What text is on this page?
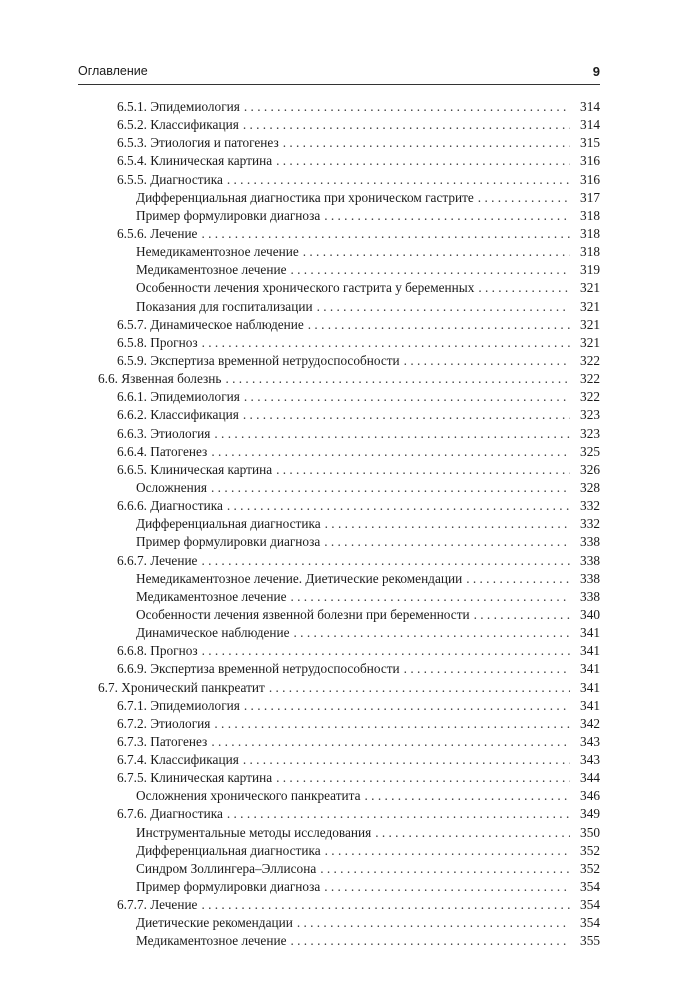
Оглавление	9
6.5.1. Эпидемиология . . .	314
6.5.2. Классификация . . .	314
6.5.3. Этиология и патогенез . . .	315
6.5.4. Клиническая картина . . .	316
6.5.5. Диагностика . . .	316
Дифференциальная диагностика при хроническом гастрите . . .	317
Пример формулировки диагноза . . .	318
6.5.6. Лечение . . .	318
Немедикаментозное лечение . . .	318
Медикаментозное лечение . . .	319
Особенности лечения хронического гастрита у беременных . . .	321
Показания для госпитализации . . .	321
6.5.7. Динамическое наблюдение . . .	321
6.5.8. Прогноз . . .	321
6.5.9. Экспертиза временной нетрудоспособности . . .	322
6.6. Язвенная болезнь . . .	322
6.6.1. Эпидемиология . . .	322
6.6.2. Классификация . . .	323
6.6.3. Этиология . . .	323
6.6.4. Патогенез . . .	325
6.6.5. Клиническая картина . . .	326
Осложнения . . .	328
6.6.6. Диагностика . . .	332
Дифференциальная диагностика . . .	332
Пример формулировки диагноза . . .	338
6.6.7. Лечение . . .	338
Немедикаментозное лечение. Диетические рекомендации . . .	338
Медикаментозное лечение . . .	338
Особенности лечения язвенной болезни при беременности . . .	340
Динамическое наблюдение . . .	341
6.6.8. Прогноз . . .	341
6.6.9. Экспертиза временной нетрудоспособности . . .	341
6.7. Хронический панкреатит . . .	341
6.7.1. Эпидемиология . . .	341
6.7.2. Этиология . . .	342
6.7.3. Патогенез . . .	343
6.7.4. Классификация . . .	343
6.7.5. Клиническая картина . . .	344
Осложнения хронического панкреатита . . .	346
6.7.6. Диагностика . . .	349
Инструментальные методы исследования . . .	350
Дифференциальная диагностика . . .	352
Синдром Золлингера–Эллисона . . .	352
Пример формулировки диагноза . . .	354
6.7.7. Лечение . . .	354
Диетические рекомендации . . .	354
Медикаментозное лечение . . .	355
